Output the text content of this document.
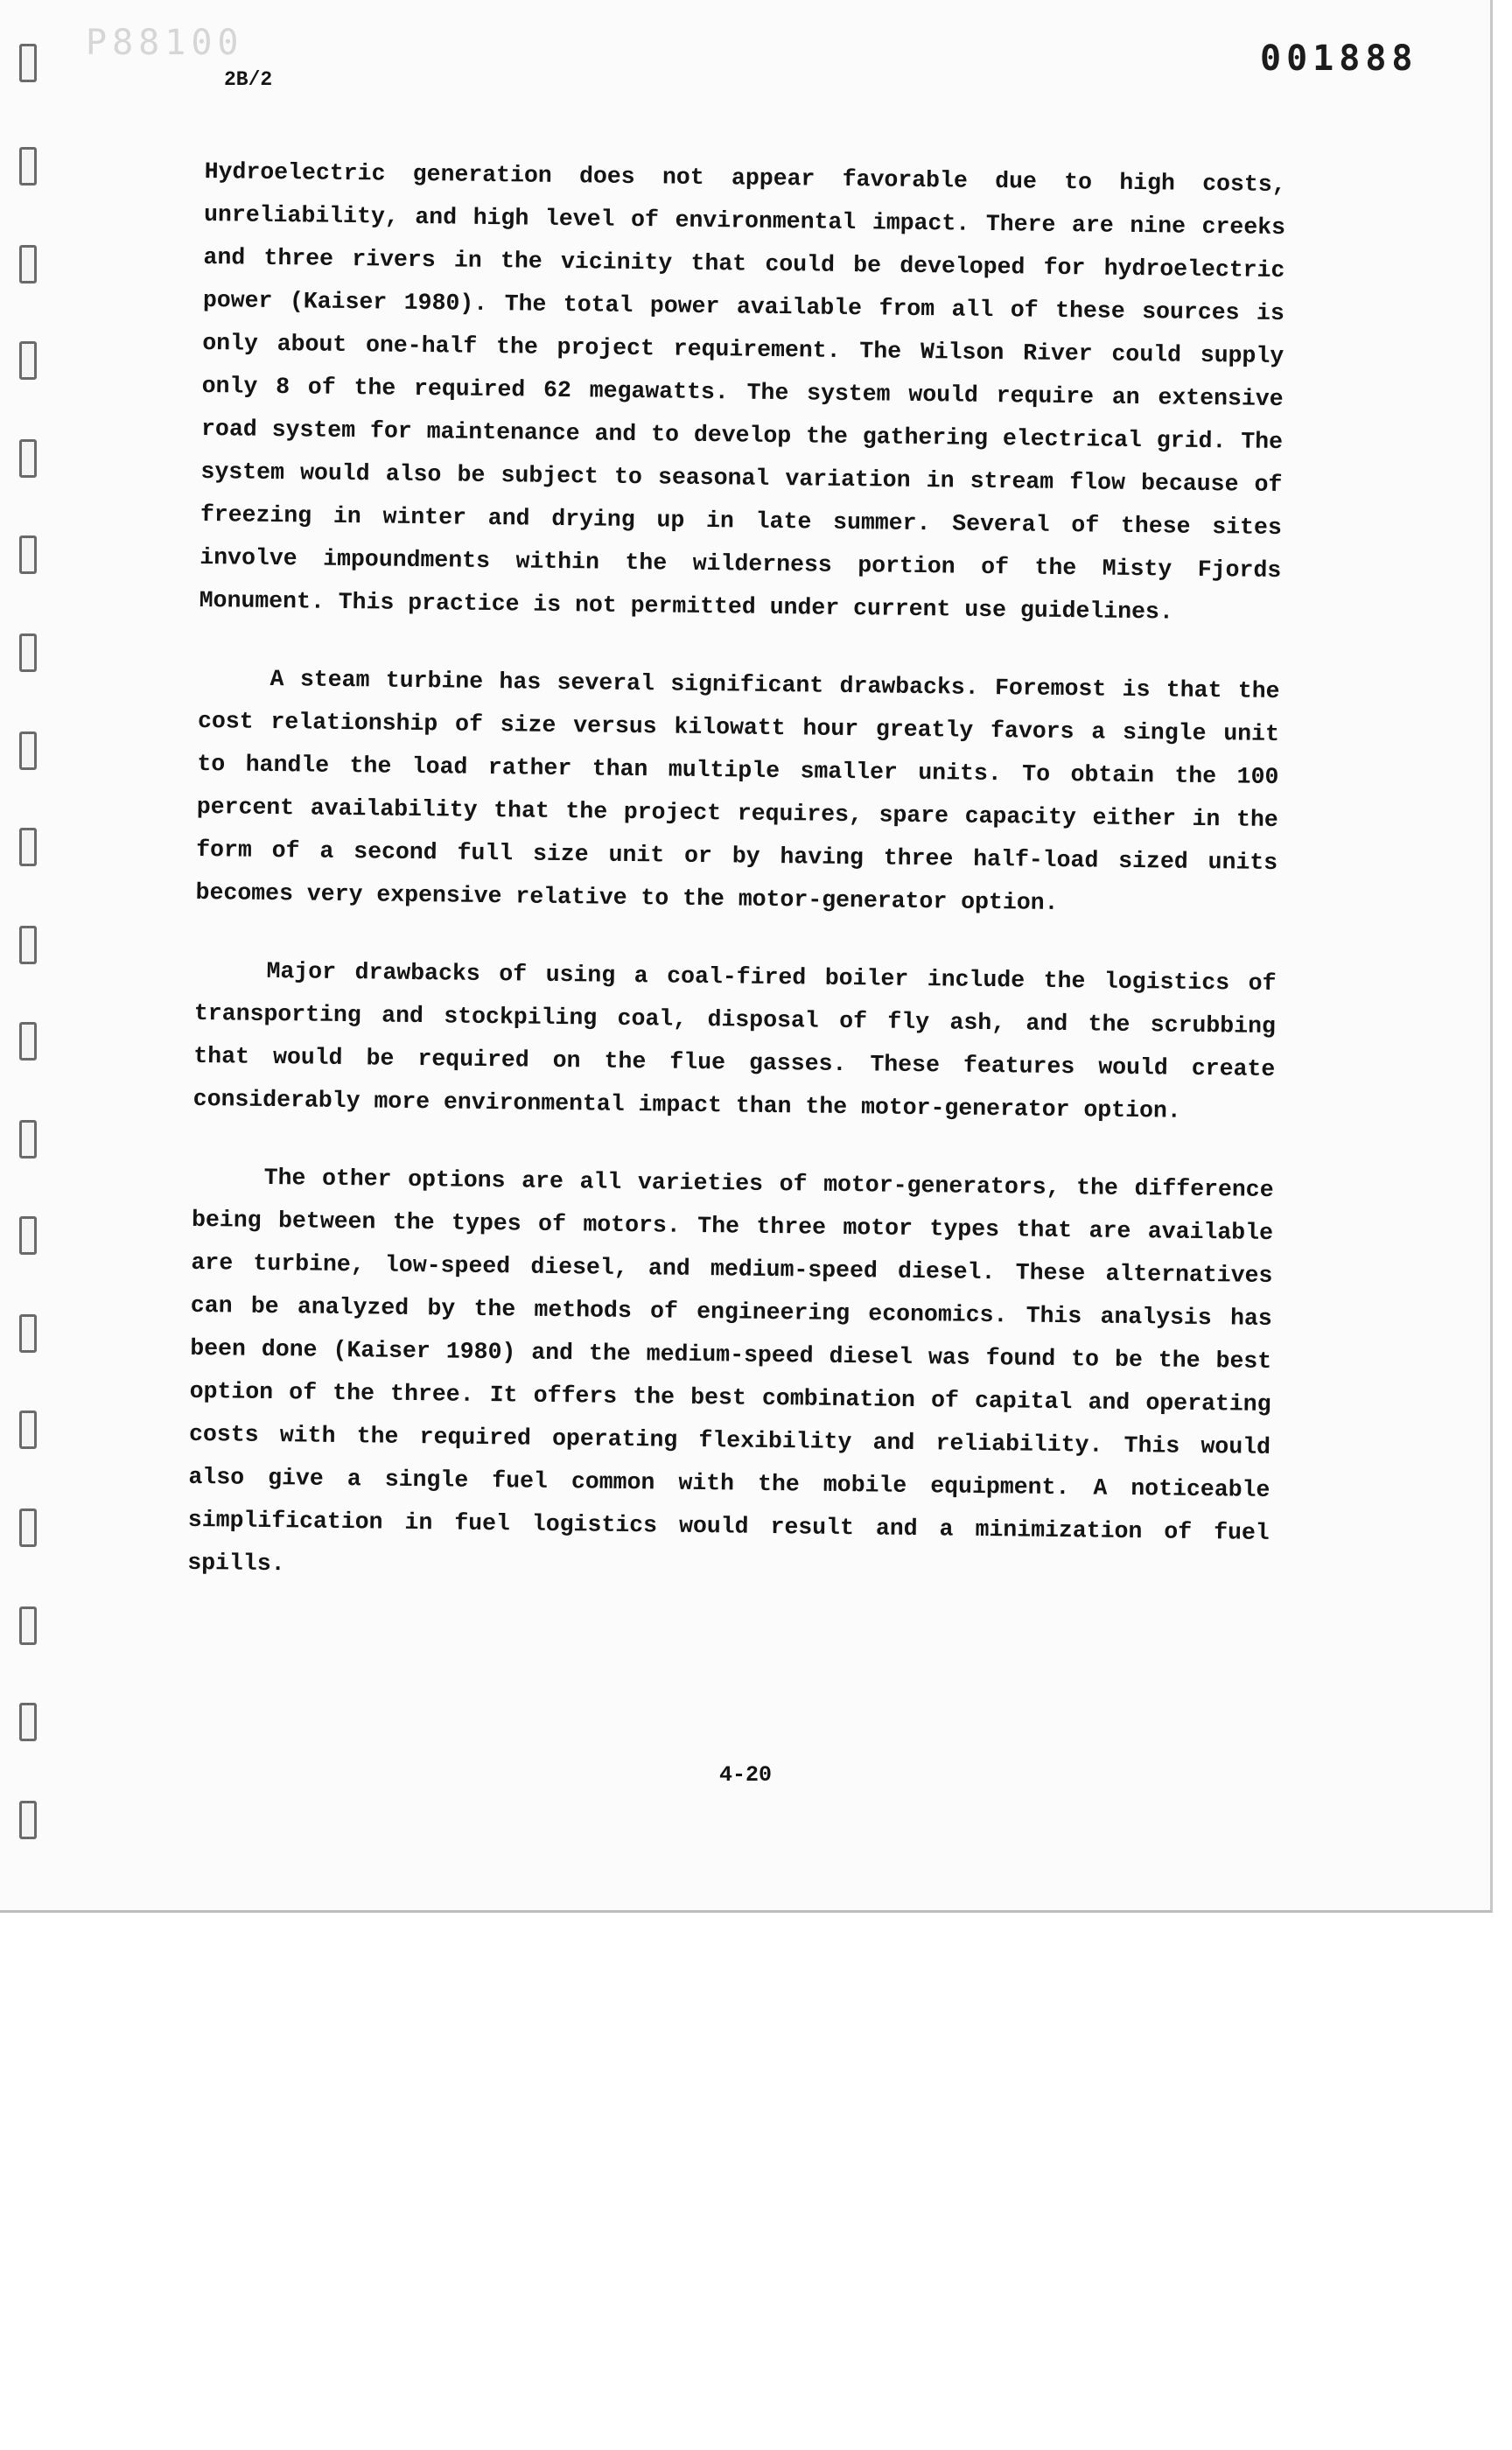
P88100	001888
2B/2

Hydroelectric generation does not appear favorable due to high costs, unreliability, and high level of environmental impact. There are nine creeks and three rivers in the vicinity that could be developed for hydroelectric power (Kaiser 1980). The total power available from all of these sources is only about one-half the project requirement. The Wilson River could supply only 8 of the required 62 megawatts. The system would require an extensive road system for maintenance and to develop the gathering electrical grid. The system would also be subject to seasonal variation in stream flow because of freezing in winter and drying up in late summer. Several of these sites involve impoundments within the wilderness portion of the Misty Fjords Monument. This practice is not permitted under current use guidelines.

A steam turbine has several significant drawbacks. Foremost is that the cost relationship of size versus kilowatt hour greatly favors a single unit to handle the load rather than multiple smaller units. To obtain the 100 percent availability that the project requires, spare capacity either in the form of a second full size unit or by having three half-load sized units becomes very expensive relative to the motor-generator option.

Major drawbacks of using a coal-fired boiler include the logistics of transporting and stockpiling coal, disposal of fly ash, and the scrubbing that would be required on the flue gasses. These features would create considerably more environmental impact than the motor-generator option.

The other options are all varieties of motor-generators, the difference being between the types of motors. The three motor types that are available are turbine, low-speed diesel, and medium-speed diesel. These alternatives can be analyzed by the methods of engineering economics. This analysis has been done (Kaiser 1980) and the medium-speed diesel was found to be the best option of the three. It offers the best combination of capital and operating costs with the required operating flexibility and reliability. This would also give a single fuel common with the mobile equipment. A noticeable simplification in fuel logistics would result and a minimization of fuel spills.

4-20
